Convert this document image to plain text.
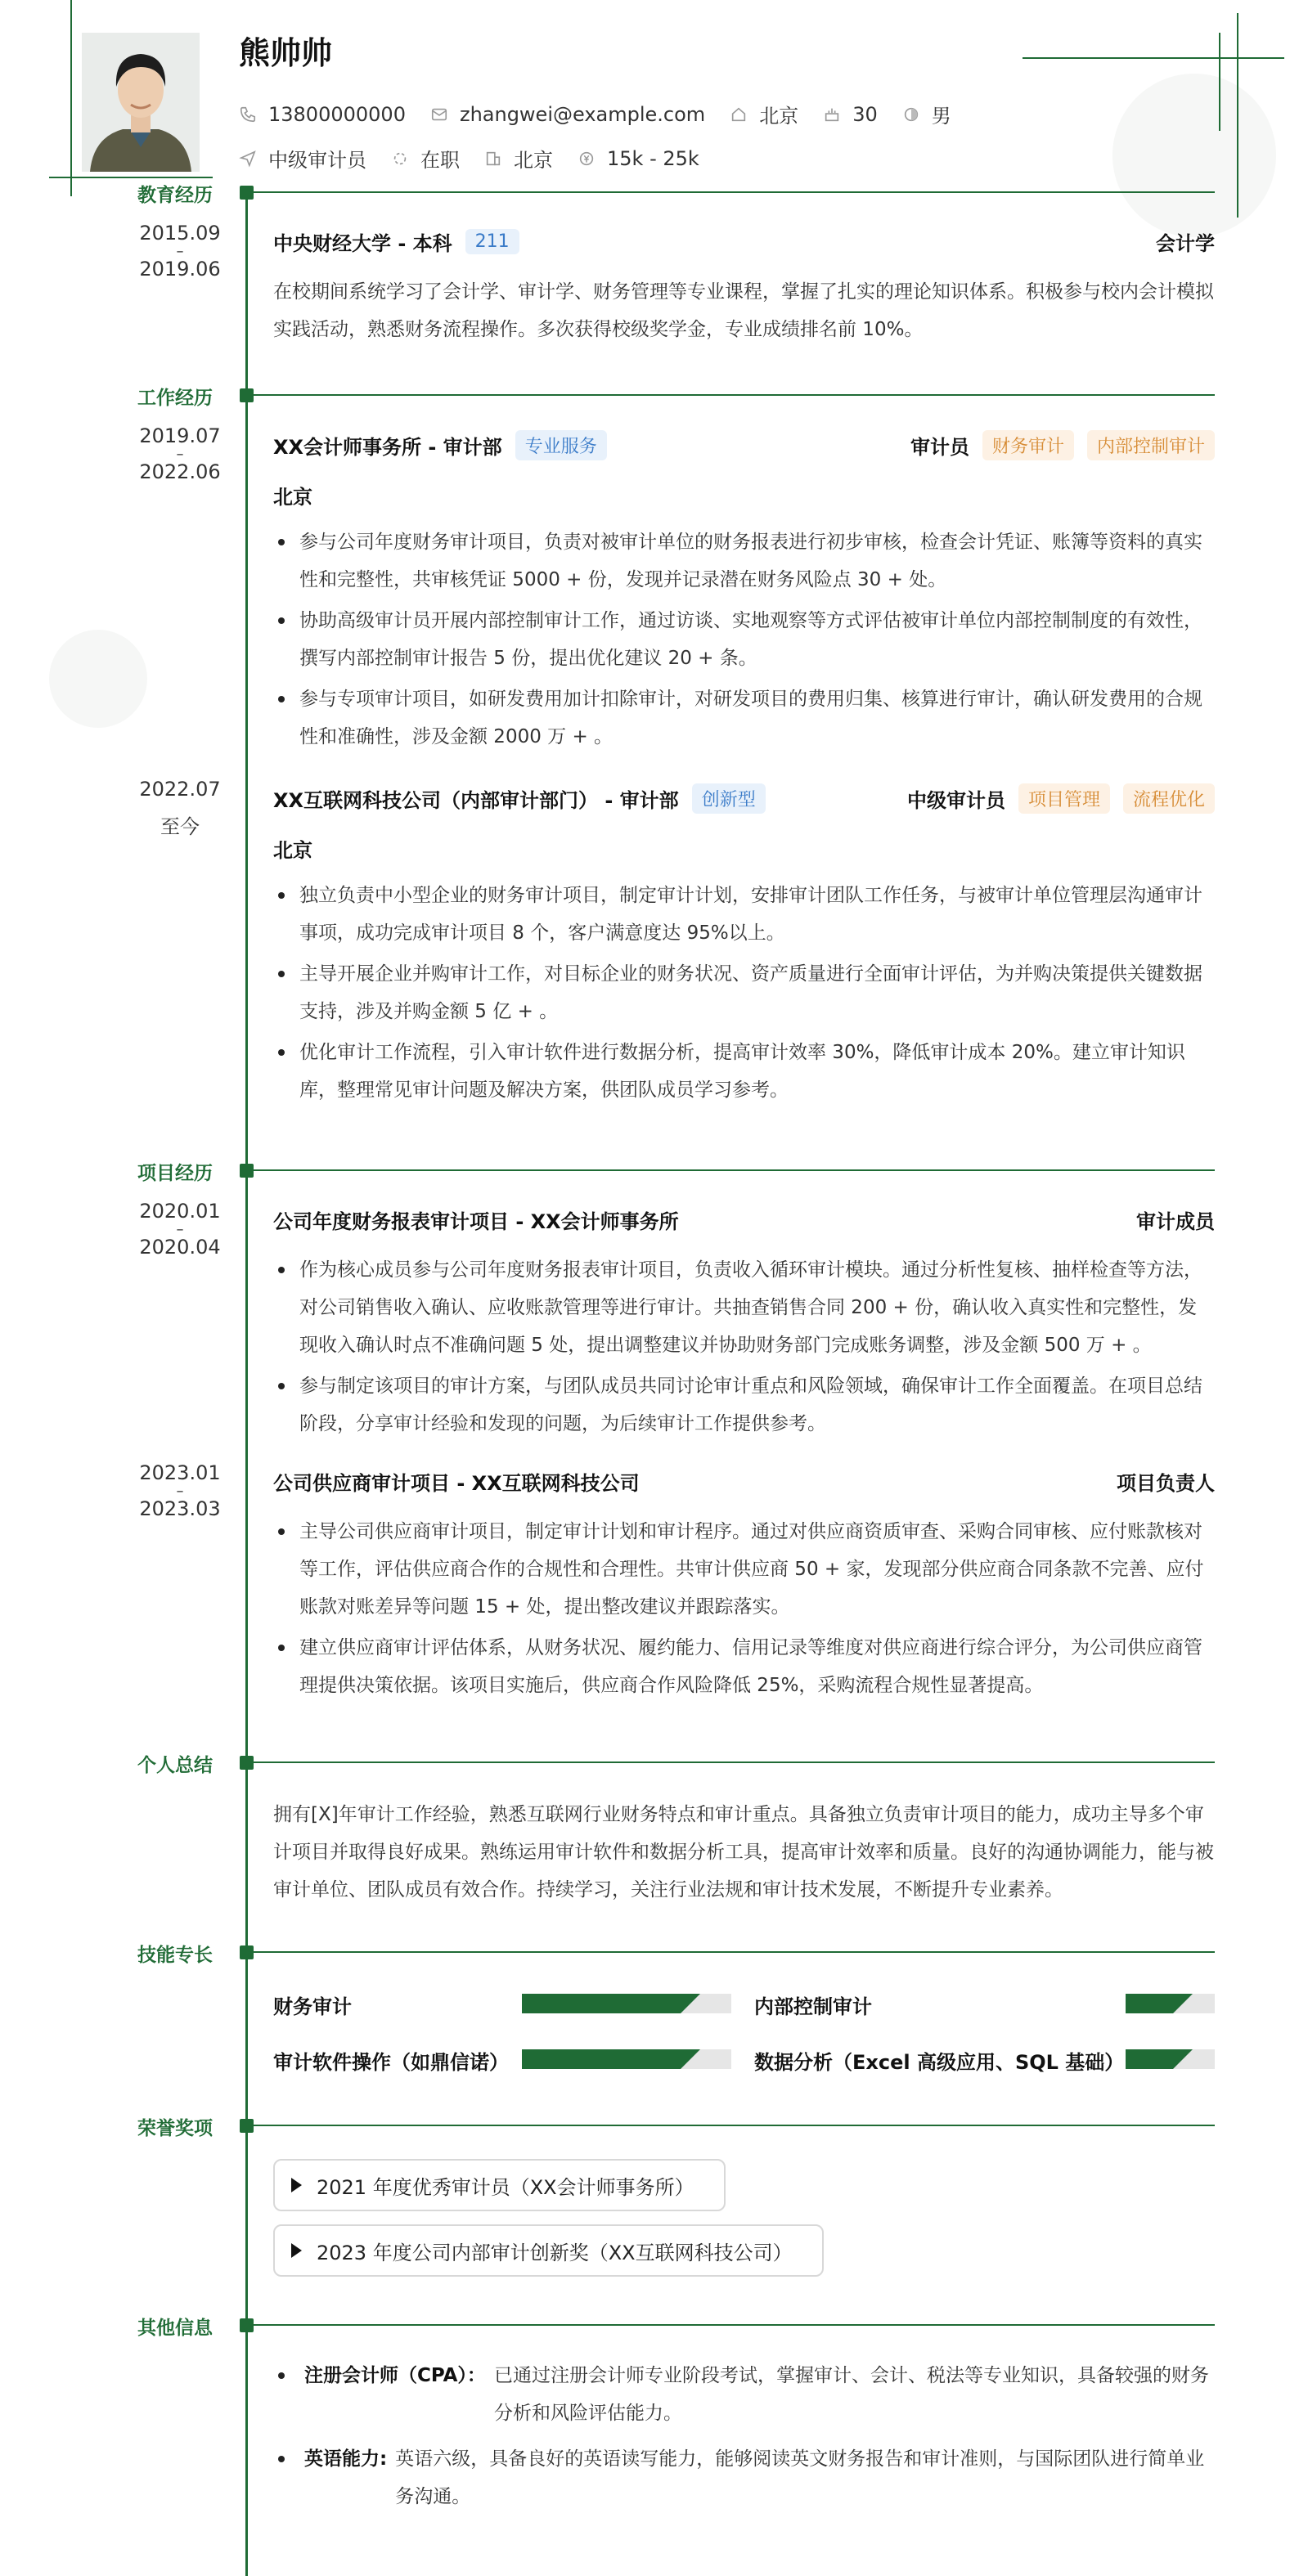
熊帅帅
13800000000	zhangwei@example.com	北京	30	男
中级审计员	在职	北京	15k - 25k
教育经历
2015.09
–
2019.06
中央财经大学 - 本科	211	会计学
在校期间系统学习了会计学、审计学、财务管理等专业课程，掌握了扎实的理论知识体系。积极参与校内会计模拟实践活动，熟悉财务流程操作。多次获得校级奖学金，专业成绩排名前 10%。
工作经历
2019.07
–
2022.06
XX会计师事务所 - 审计部	专业服务	审计员	财务审计	内部控制审计
北京
参与公司年度财务审计项目，负责对被审计单位的财务报表进行初步审核，检查会计凭证、账簿等资料的真实性和完整性，共审核凭证 5000 + 份，发现并记录潜在财务风险点 30 + 处。
协助高级审计员开展内部控制审计工作，通过访谈、实地观察等方式评估被审计单位内部控制制度的有效性，撰写内部控制审计报告 5 份，提出优化建议 20 + 条。
参与专项审计项目，如研发费用加计扣除审计，对研发项目的费用归集、核算进行审计，确认研发费用的合规性和准确性，涉及金额 2000 万 + 。
2022.07
至今
XX互联网科技公司（内部审计部门） - 审计部	创新型	中级审计员	项目管理	流程优化
北京
独立负责中小型企业的财务审计项目，制定审计计划，安排审计团队工作任务，与被审计单位管理层沟通审计事项，成功完成审计项目 8 个，客户满意度达 95%以上。
主导开展企业并购审计工作，对目标企业的财务状况、资产质量进行全面审计评估，为并购决策提供关键数据支持，涉及并购金额 5 亿 + 。
优化审计工作流程，引入审计软件进行数据分析，提高审计效率 30%，降低审计成本 20%。建立审计知识库，整理常见审计问题及解决方案，供团队成员学习参考。
项目经历
2020.01
–
2020.04
公司年度财务报表审计项目 - XX会计师事务所	审计成员
作为核心成员参与公司年度财务报表审计项目，负责收入循环审计模块。通过分析性复核、抽样检查等方法，对公司销售收入确认、应收账款管理等进行审计。共抽查销售合同 200 + 份，确认收入真实性和完整性，发现收入确认时点不准确问题 5 处，提出调整建议并协助财务部门完成账务调整，涉及金额 500 万 + 。
参与制定该项目的审计方案，与团队成员共同讨论审计重点和风险领域，确保审计工作全面覆盖。在项目总结阶段，分享审计经验和发现的问题，为后续审计工作提供参考。
2023.01
–
2023.03
公司供应商审计项目 - XX互联网科技公司	项目负责人
主导公司供应商审计项目，制定审计计划和审计程序。通过对供应商资质审查、采购合同审核、应付账款核对等工作，评估供应商合作的合规性和合理性。共审计供应商 50 + 家，发现部分供应商合同条款不完善、应付账款对账差异等问题 15 + 处，提出整改建议并跟踪落实。
建立供应商审计评估体系，从财务状况、履约能力、信用记录等维度对供应商进行综合评分，为公司供应商管理提供决策依据。该项目实施后，供应商合作风险降低 25%，采购流程合规性显著提高。
个人总结
拥有[X]年审计工作经验，熟悉互联网行业财务特点和审计重点。具备独立负责审计项目的能力，成功主导多个审计项目并取得良好成果。熟练运用审计软件和数据分析工具，提高审计效率和质量。良好的沟通协调能力，能与被审计单位、团队成员有效合作。持续学习，关注行业法规和审计技术发展，不断提升专业素养。
技能专长
财务审计	内部控制审计
审计软件操作（如鼎信诺）	数据分析（Excel 高级应用、SQL 基础）
荣誉奖项
2021 年度优秀审计员（XX会计师事务所）
2023 年度公司内部审计创新奖（XX互联网科技公司）
其他信息
注册会计师（CPA）： 已通过注册会计师专业阶段考试，掌握审计、会计、税法等专业知识，具备较强的财务分析和风险评估能力。
英语能力: 英语六级，具备良好的英语读写能力，能够阅读英文财务报告和审计准则，与国际团队进行简单业务沟通。
